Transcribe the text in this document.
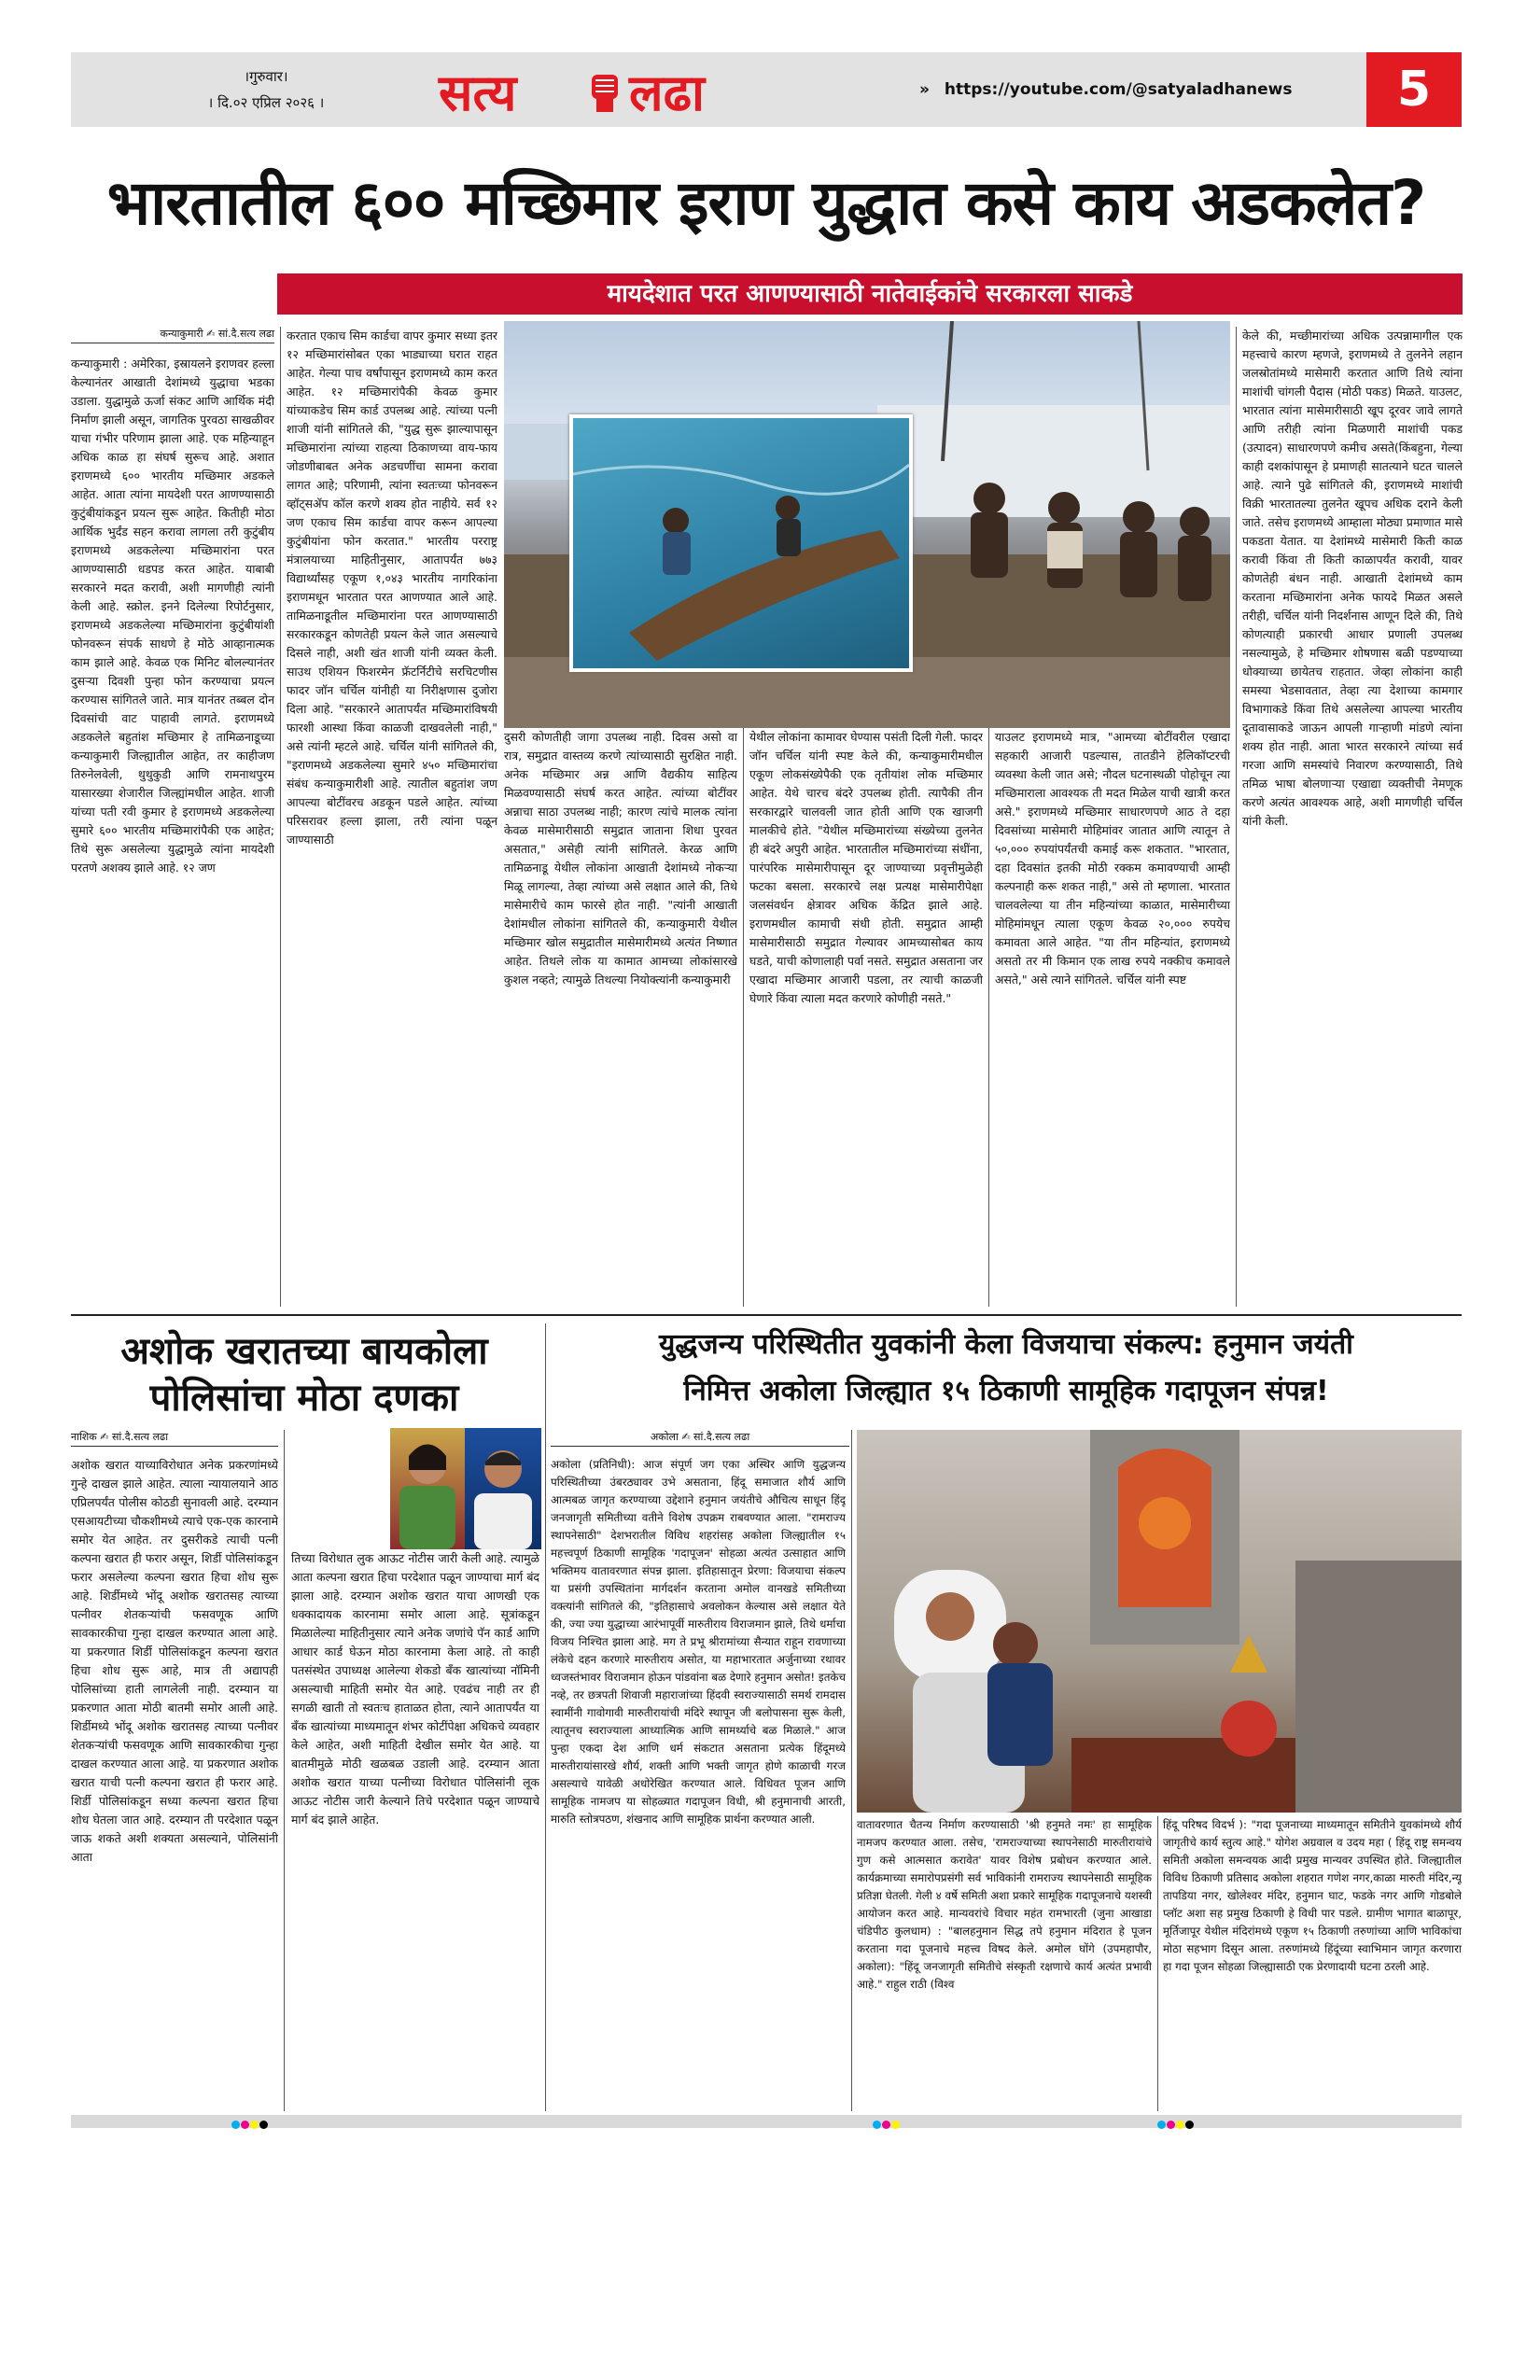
।गुरुवार।
। दि.०२ एप्रिल २०२६ ।	सत्य लढा	» https://youtube.com/@satyaladhanews	5
भारतातील ६०० मच्छिमार इराण युद्धात कसे काय अडकलेत?
मायदेशात परत आणण्यासाठी नातेवाईकांचे सरकारला साकडे
कन्याकुमारी ✍ सां.दै.सत्य लढा
कन्याकुमारी : अमेरिका, इस्रायलने इराणवर हल्ला केल्यानंतर आखाती देशांमध्ये युद्धाचा भडका उडाला. युद्धामुळे ऊर्जा संकट आणि आर्थिक मंदी निर्माण झाली असून, जागतिक पुरवठा साखळीवर याचा गंभीर परिणाम झाला आहे. एक महिन्याहून अधिक काळ हा संघर्ष सुरूच आहे. अशात इराणमध्ये ६०० भारतीय मच्छिमार अडकले आहेत. आता त्यांना मायदेशी परत आणण्यासाठी कुटुंबीयांकडून प्रयत्न सुरू आहेत. कितीही मोठा आर्थिक भुर्दंड सहन करावा लागला तरी कुटुंबीय इराणमध्ये अडकलेल्या मच्छिमारांना परत आणण्यासाठी धडपड करत आहेत. याबाबी सरकारने मदत करावी, अशी मागणीही त्यांनी केली आहे. स्क्रोल. इनने दिलेल्या रिपोर्टनुसार, इराणमध्ये अडकलेल्या मच्छिमारांना कुटुंबीयांशी फोनवरून संपर्क साधणे हे मोठे आव्हानात्मक काम झाले आहे. केवळ एक मिनिट बोलल्यानंतर दुसऱ्या दिवशी पुन्हा फोन करण्याचा प्रयत्न करण्यास सांगितले जाते. मात्र यानंतर तब्बल दोन दिवसांची वाट पाहावी लागते. इराणमध्ये अडकलेले बहुतांश मच्छिमार हे तामिळनाडूच्या कन्याकुमारी जिल्ह्यातील आहेत, तर काहीजण तिरुनेलवेली, थुथुकुडी आणि रामनाथपुरम यासारख्या शेजारील जिल्ह्यांमधील आहेत. शाजी यांच्या पती रवी कुमार हे इराणमध्ये अडकलेल्या सुमारे ६०० भारतीय मच्छिमारांपैकी एक आहेत; तिथे सुरू असलेल्या युद्धामुळे त्यांना मायदेशी परतणे अशक्य झाले आहे. १२ जण
करतात एकाच सिम कार्डचा वापर कुमार सध्या इतर १२ मच्छिमारांसोबत एका भाड्याच्या घरात राहत आहेत. गेल्या पाच वर्षांपासून इराणमध्ये काम करत आहेत. १२ मच्छिमारांपैकी केवळ कुमार यांच्याकडेच सिम कार्ड उपलब्ध आहे. त्यांच्या पत्नी शाजी यांनी सांगितले की, "युद्ध सुरू झाल्यापासून मच्छिमारांना त्यांच्या राहत्या ठिकाणच्या वाय-फाय जोडणीबाबत अनेक अडचणींचा सामना करावा लागत आहे; परिणामी, त्यांना स्वतःच्या फोनवरून व्हॉट्सॲप कॉल करणे शक्य होत नाहीये. सर्व १२ जण एकाच सिम कार्डचा वापर करून आपल्या कुटुंबीयांना फोन करतात." भारतीय परराष्ट्र मंत्रालयाच्या माहितीनुसार, आतापर्यंत ७७३ विद्यार्थ्यांसह एकूण १,०४३ भारतीय नागरिकांना इराणमधून भारतात परत आणण्यात आले आहे. तामिळनाडूतील मच्छिमारांना परत आणण्यासाठी सरकारकडून कोणतेही प्रयत्न केले जात असल्याचे दिसले नाही, अशी खंत शाजी यांनी व्यक्त केली. साउथ एशियन फिशरमेन फ्रॅटर्निटीचे सरचिटणीस फादर जॉन चर्चिल यांनीही या निरीक्षणास दुजोरा दिला आहे. "सरकारने आतापर्यंत मच्छिमारांविषयी फारशी आस्था किंवा काळजी दाखवलेली नाही," असे त्यांनी म्हटले आहे. चर्चिल यांनी सांगितले की, "इराणमध्ये अडकलेल्या सुमारे ४५० मच्छिमारांचा संबंध कन्याकुमारीशी आहे. त्यातील बहुतांश जण आपल्या बोटींवरच अडकून पडले आहेत. त्यांच्या परिसरावर हल्ला झाला, तरी त्यांना पळून जाण्यासाठी
दुसरी कोणतीही जागा उपलब्ध नाही. दिवस असो वा रात्र, समुद्रात वास्तव्य करणे त्यांच्यासाठी सुरक्षित नाही. अनेक मच्छिमार अन्न आणि वैद्यकीय साहित्य मिळवण्यासाठी संघर्ष करत आहेत. त्यांच्या बोटींवर अन्नाचा साठा उपलब्ध नाही; कारण त्यांचे मालक त्यांना केवळ मासेमारीसाठी समुद्रात जाताना शिधा पुरवत असतात," असेही त्यांनी सांगितले. केरळ आणि तामिळनाडू येथील लोकांना आखाती देशांमध्ये नोकऱ्या मिळू लागल्या, तेव्हा त्यांच्या असे लक्षात आले की, तिथे मासेमारीचे काम फारसे होत नाही. "त्यांनी आखाती देशांमधील लोकांना सांगितले की, कन्याकुमारी येथील मच्छिमार खोल समुद्रातील मासेमारीमध्ये अत्यंत निष्णात आहेत. तिथले लोक या कामात आमच्या लोकांसारखे कुशल नव्हते; त्यामुळे तिथल्या नियोक्त्यांनी कन्याकुमारी
येथील लोकांना कामावर घेण्यास पसंती दिली गेली. फादर जॉन चर्चिल यांनी स्पष्ट केले की, कन्याकुमारीमधील एकूण लोकसंख्येपैकी एक तृतीयांश लोक मच्छिमार आहेत. येथे चारच बंदरे उपलब्ध होती. त्यापैकी तीन सरकारद्वारे चालवली जात होती आणि एक खाजगी मालकीचे होते. "येथील मच्छिमारांच्या संख्येच्या तुलनेत ही बंदरे अपुरी आहेत. भारतातील मच्छिमारांच्या संधींना, पारंपरिक मासेमारीपासून दूर जाण्याच्या प्रवृत्तीमुळेही फटका बसला. सरकारचे लक्ष प्रत्यक्ष मासेमारीपेक्षा जलसंवर्धन क्षेत्रावर अधिक केंद्रित झाले आहे. इराणमधील कामाची संधी होती. समुद्रात आम्ही मासेमारीसाठी समुद्रात गेल्यावर आमच्यासोबत काय घडते, याची कोणालाही पर्वा नसते. समुद्रात असताना जर एखादा मच्छिमार आजारी पडला, तर त्याची काळजी घेणारे किंवा त्याला मदत करणारे कोणीही नसते."
याउलट इराणमध्ये मात्र, "आमच्या बोटींवरील एखादा सहकारी आजारी पडल्यास, तातडीने हेलिकॉप्टरची व्यवस्था केली जात असे; नौदल घटनास्थळी पोहोचून त्या मच्छिमाराला आवश्यक ती मदत मिळेल याची खात्री करत असे." इराणमध्ये मच्छिमार साधारणपणे आठ ते दहा दिवसांच्या मासेमारी मोहिमांवर जातात आणि त्यातून ते ५०,००० रुपयांपर्यंतची कमाई करू शकतात. "भारतात, दहा दिवसांत इतकी मोठी रक्कम कमावण्याची आम्ही कल्पनाही करू शकत नाही," असे तो म्हणाला. भारतात चालवलेल्या या तीन महिन्यांच्या काळात, मासेमारीच्या मोहिमांमधून त्याला एकूण केवळ २०,००० रुपयेच कमावता आले आहेत. "या तीन महिन्यांत, इराणमध्ये असतो तर मी किमान एक लाख रुपये नक्कीच कमावले असते," असे त्याने सांगितले. चर्चिल यांनी स्पष्ट
केले की, मच्छीमारांच्या अधिक उत्पन्नामागील एक महत्त्वाचे कारण म्हणजे, इराणमध्ये ते तुलनेने लहान जलस्रोतांमध्ये मासेमारी करतात आणि तिथे त्यांना माशांची चांगली पैदास (मोठी पकड) मिळते. याउलट, भारतात त्यांना मासेमारीसाठी खूप दूरवर जावे लागते आणि तरीही त्यांना मिळणारी माशांची पकड (उत्पादन) साधारणपणे कमीच असते(किंबहुना, गेल्या काही दशकांपासून हे प्रमाणही सातत्याने घटत चालले आहे. त्याने पुढे सांगितले की, इराणमध्ये माशांची विक्री भारतातल्या तुलनेत खूपच अधिक दराने केली जाते. तसेच इराणमध्ये आम्हाला मोठ्या प्रमाणात मासे पकडता येतात. या देशांमध्ये मासेमारी किती काळ करावी किंवा ती किती काळापर्यंत करावी, यावर कोणतेही बंधन नाही. आखाती देशांमध्ये काम करताना मच्छिमारांना अनेक फायदे मिळत असले तरीही, चर्चिल यांनी निदर्शनास आणून दिले की, तिथे कोणत्याही प्रकारची आधार प्रणाली उपलब्ध नसल्यामुळे, हे मच्छिमार शोषणास बळी पडण्याच्या धोक्याच्या छायेतच राहतात. जेव्हा लोकांना काही समस्या भेडसावतात, तेव्हा त्या देशाच्या कामगार विभागाकडे किंवा तिथे असलेल्या आपल्या भारतीय दूतावासाकडे जाऊन आपली गाऱ्हाणी मांडणे त्यांना शक्य होत नाही. आता भारत सरकारने त्यांच्या सर्व गरजा आणि समस्यांचे निवारण करण्यासाठी, तिथे तमिळ भाषा बोलणाऱ्या एखाद्या व्यक्तीची नेमणूक करणे अत्यंत आवश्यक आहे, अशी मागणीही चर्चिल यांनी केली.
अशोक खरातच्या बायकोला
पोलिसांचा मोठा दणका
नाशिक ✍ सां.दै.सत्य लढा
अशोक खरात याच्याविरोधात अनेक प्रकरणांमध्ये गुन्हे दाखल झाले आहेत. त्याला न्यायालयाने आठ एप्रिलपर्यंत पोलीस कोठडी सुनावली आहे. दरम्यान एसआयटीच्या चौकशीमध्ये त्याचे एक-एक कारनामे समोर येत आहेत. तर दुसरीकडे त्याची पत्नी कल्पना खरात ही फरार असून, शिर्डी पोलिसांकडून फरार असलेल्या कल्पना खरात हिचा शोध सुरू आहे. शिर्डीमध्ये भोंदू अशोक खरातसह त्याच्या पत्नीवर शेतकऱ्यांची फसवणूक आणि सावकारकीचा गुन्हा दाखल करण्यात आला आहे. या प्रकरणात शिर्डी पोलिसांकडून कल्पना खरात हिचा शोध सुरू आहे, मात्र ती अद्यापही पोलिसांच्या हाती लागलेली नाही. दरम्यान या प्रकरणात आता मोठी बातमी समोर आली आहे. शिर्डीमध्ये भोंदू अशोक खरातसह त्याच्या पत्नीवर शेतकऱ्यांची फसवणूक आणि सावकारकीचा गुन्हा दाखल करण्यात आला आहे. या प्रकरणात अशोक खरात याची पत्नी कल्पना खरात ही फरार आहे. शिर्डी पोलिसांकडून सध्या कल्पना खरात हिचा शोध घेतला जात आहे. दरम्यान ती परदेशात पळून जाऊ शकते अशी शक्यता असल्याने, पोलिसांनी आता
तिच्या विरोधात लुक आऊट नोटीस जारी केली आहे. त्यामुळे आता कल्पना खरात हिचा परदेशात पळून जाण्याचा मार्ग बंद झाला आहे. दरम्यान अशोक खरात याचा आणखी एक धक्कादायक कारनामा समोर आला आहे. सूत्रांकडून मिळालेल्या माहितीनुसार त्याने अनेक जणांचे पॅन कार्ड आणि आधार कार्ड घेऊन मोठा कारनामा केला आहे. तो काही पतसंस्थेत उपाध्यक्ष आलेल्या शेकडो बँक खात्यांच्या नॉमिनी असल्याची माहिती समोर येत आहे. एवढंच नाही तर ही सगळी खाती तो स्वतःच हाताळत होता, त्याने आतापर्यंत या बँक खात्यांच्या माध्यमातून शंभर कोटींपेक्षा अधिकचे व्यवहार केले आहेत, अशी माहिती देखील समोर येत आहे. या बातमीमुळे मोठी खळबळ उडाली आहे. दरम्यान आता अशोक खरात याच्या पत्नीच्या विरोधात पोलिसांनी लूक आऊट नोटीस जारी केल्याने तिचे परदेशात पळून जाण्याचे मार्ग बंद झाले आहेत.
युद्धजन्य परिस्थितीत युवकांनी केला विजयाचा संकल्प: हनुमान जयंती
निमित्त अकोला जिल्ह्यात १५ ठिकाणी सामूहिक गदापूजन संपन्न!
अकोला ✍ सां.दै.सत्य लढा
अकोला (प्रतिनिधी): आज संपूर्ण जग एका अस्थिर आणि युद्धजन्य परिस्थितीच्या उंबरठ्यावर उभे असताना, हिंदू समाजात शौर्य आणि आत्मबळ जागृत करण्याच्या उद्देशाने हनुमान जयंतीचे औचित्य साधून हिंदू जनजागृती समितीच्या वतीने विशेष उपक्रम राबवण्यात आला. "रामराज्य स्थापनेसाठी" देशभरातील विविध शहरांसह अकोला जिल्ह्यातील १५ महत्त्वपूर्ण ठिकाणी सामूहिक 'गदापूजन' सोहळा अत्यंत उत्साहात आणि भक्तिमय वातावरणात संपन्न झाला. इतिहासातून प्रेरणा: विजयाचा संकल्प या प्रसंगी उपस्थितांना मार्गदर्शन करताना अमोल वानखडे समितीच्या वक्त्यांनी सांगितले की, "इतिहासाचे अवलोकन केल्यास असे लक्षात येते की, ज्या ज्या युद्धाच्या आरंभापूर्वी मारुतीराय विराजमान झाले, तिथे धर्माचा विजय निश्चित झाला आहे. मग ते प्रभू श्रीरामांच्या सैन्यात राहून रावणाच्या लंकेचे दहन करणारे मारुतीराय असोत, या महाभारतात अर्जुनाच्या रथावर ध्वजस्तंभावर विराजमान होऊन पांडवांना बळ देणारे हनुमान असोत! इतकेच नव्हे, तर छत्रपती शिवाजी महाराजांच्या हिंदवी स्वराज्यासाठी समर्थ रामदास स्वामींनी गावोगावी मारुतीरायांची मंदिरे स्थापून जी बलोपासना सुरू केली, त्यातूनच स्वराज्याला आध्यात्मिक आणि सामर्थ्याचे बळ मिळाले." आज पुन्हा एकदा देश आणि धर्म संकटात असताना प्रत्येक हिंदूमध्ये मारुतीरायांसारखे शौर्य, शक्ती आणि भक्ती जागृत होणे काळाची गरज असल्याचे यावेळी अधोरेखित करण्यात आले. विधिवत पूजन आणि सामूहिक नामजप या सोहळ्यात गदापूजन विधी, श्री हनुमानाची आरती, मारुति स्तोत्रपठण, शंखनाद आणि सामूहिक प्रार्थना करण्यात आली.	वातावरणात चैतन्य निर्माण करण्यासाठी 'श्री हनुमते नमः' हा सामूहिक नामजप करण्यात आला. तसेच, 'रामराज्याच्या स्थापनेसाठी मारुतीरायांचे गुण कसे आत्मसात करावेत' यावर विशेष प्रबोधन करण्यात आले. कार्यक्रमाच्या समारोपप्रसंगी सर्व भाविकांनी रामराज्य स्थापनेसाठी सामूहिक प्रतिज्ञा घेतली. गेली ४ वर्षे समिती अशा प्रकारे सामूहिक गदापूजनाचे यशस्वी आयोजन करत आहे. मान्यवरांचे विचार महंत रामभारती (जुना आखाडा चंडिपीठ कुलधाम) : "बालहनुमान सिद्ध तपे हनुमान मंदिरात हे पूजन करताना गदा पूजनाचे महत्त्व विषद केले. अमोल घोंगे (उपमहापौर, अकोला): "हिंदू जनजागृती समितीचे संस्कृती रक्षणाचे कार्य अत्यंत प्रभावी आहे." राहुल राठी (विश्व
हिंदू परिषद विदर्भ ): "गदा पूजनाच्या माध्यमातून समितीने युवकांमध्ये शौर्य जागृतीचे कार्य स्तुत्य आहे." योगेश अग्रवाल व उदय महा ( हिंदू राष्ट्र समन्वय समिती अकोला समन्वयक आदी प्रमुख मान्यवर उपस्थित होते. जिल्ह्यातील विविध ठिकाणी प्रतिसाद अकोला शहरात गणेश नगर,काळा मारुती मंदिर,न्यू तापडिया नगर, खोलेश्वर मंदिर, हनुमान घाट, फडके नगर आणि गोडबोले प्लॉट अशा सह प्रमुख ठिकाणी हे विधी पार पडले. ग्रामीण भागात बाळापूर, मूर्तिजापूर येथील मंदिरांमध्ये एकूण १५ ठिकाणी तरुणांच्या आणि भाविकांचा मोठा सहभाग दिसून आला. तरुणांमध्ये हिंदूंच्या स्वाभिमान जागृत करणारा हा गदा पूजन सोहळा जिल्ह्यासाठी एक प्रेरणादायी घटना ठरली आहे.
